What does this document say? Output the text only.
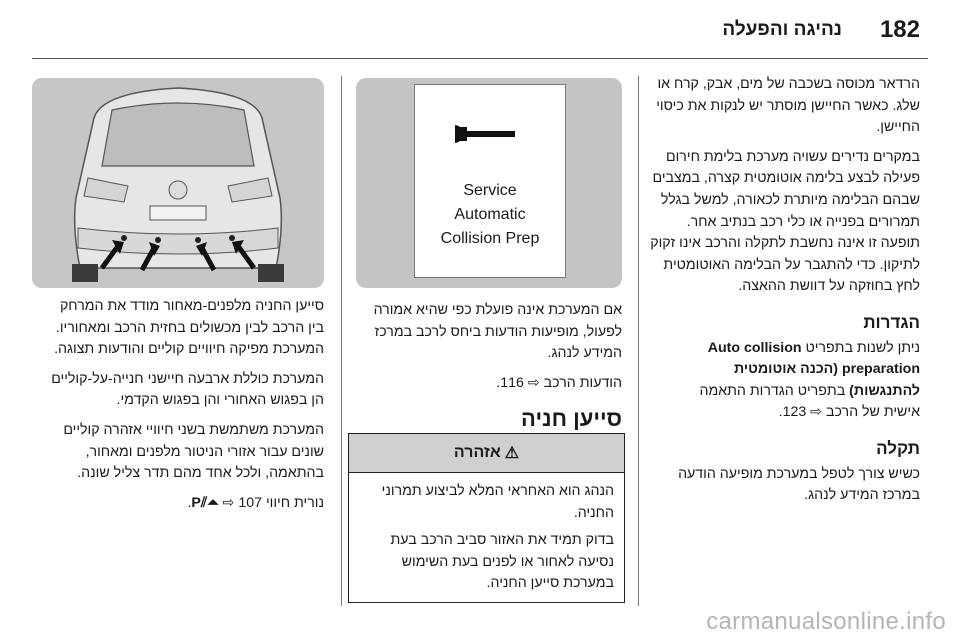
182
נהיגה והפעלה

הרדאר מכוסה בשכבה של מים, אבק, קרח או שלג. כאשר החיישן מוסתר יש לנקות את כיסוי החיישן.

במקרים נדירים עשויה מערכת בלימת חירום פעילה לבצע בלימה אוטומטית קצרה, במצבים שבהם הבלימה מיותרת לכאורה, למשל בגלל תמרורים בפנייה או כלי רכב בנתיב אחר. תופעה זו אינה נחשבת לתקלה והרכב אינו זקוק לתיקון. כדי להתגבר על הבלימה האוטומטית לחץ בחוזקה על דוושת ההאצה.

הגדרות

ניתן לשנות בתפריט Auto collision
preparation (הכנה אוטומטית
להתנגשות) בתפריט הגדרות התאמה
אישית של הרכב ⇨ 123.

תקלה

כשיש צורך לטפל במערכת מופיעה הודעה במרכז המידע לנהג.

Service
Automatic
Collision Prep

אם המערכת אינה פועלת כפי שהיא אמורה לפעול, מופיעות הודעות ביחס לרכב במרכז המידע לנהג.

הודעות הרכב ⇨ 116.

סייען חניה
⚠
אזהרה

הנהג הוא האחראי המלא לביצוע תמרוני החניה.

בדוק תמיד את האזור סביב הרכב בעת נסיעה לאחור או לפנים בעת השימוש במערכת סייען החניה.

סייען החניה מלפנים-מאחור מודד את המרחק בין הרכב לבין מכשולים בחזית הרכב ומאחוריו. המערכת מפיקה חיוויים קוליים והודעות תצוגה.

המערכת כוללת ארבעה חיישני חנייה-על-קוליים הן בפגוש האחורי והן בפגוש הקדמי.

המערכת משתמשת בשני חיוויי אזהרה קוליים שונים עבור אזורי הניטור מלפנים ומאחור, בהתאמה, ולכל אחד מהם תדר צליל שונה.

נורית חיווי P⫽⏶ ⇨ 107.

carmanualsonline.info
